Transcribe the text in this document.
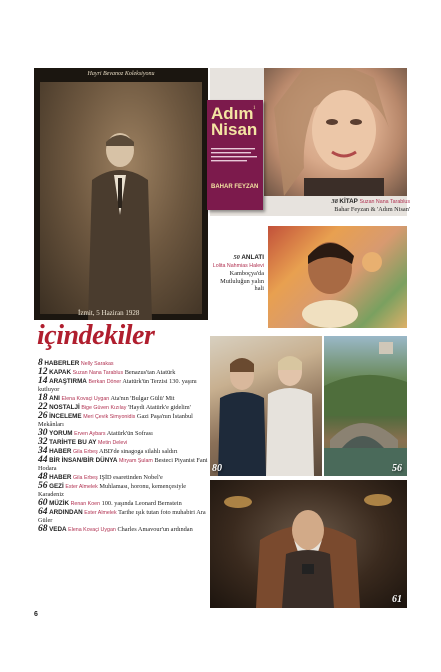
Hayri Bevanoz Koleksiyonu
İzmit, 5 Haziran 1928
Adım Nisan
1
BAHAR FEYZAN
38 KİTAP Suzan Nana Tarablus
Bahar Feyzan & 'Adım Nisan'
50 ANLATI
Lolita Nahmias Halevi
Kamboçya'da Mutluluğun yalın hali
içindekiler
80	56
61

8 HABERLER Nelly Sarakas

12 KAPAK Suzan Nana Tarablus Benazus'tan Atatürk

14 ARAŞTIRMA Berkan Döner Atatürk'ün Terzisi 130. yaşını kutluyor

18 ANI Elena Kovaçi Uygan Ata'nın 'Bulgar Gülü' Mit

22 NOSTALJİ Bige Güven Kızılay 'Haydi Atatürk'e gidelim'

26 İNCELEME Meri Çevik Simyonidis Gazi Paşa'nın İstanbul Mekânları

30 YORUM Erven Aybars Atatürk'ün Sofrası

32 TARİHTE BU AY Metin Delevi

34 HABER Gila Erbeş ABD'de sinagoga silahlı saldırı

44 BİR İNSAN/BİR DÜNYA Miryam Şulam Besteci Piyanist Fani Hodara

48 HABER Gila Erbeş IŞİD esaretinden Nobel'e

56 GEZİ Ester Almelek Muhlaması, horonu, kemençesiyle Karadeniz

60 MÜZİK Renan Koen 100. yaşında Leonard Bernstein

64 ARDINDAN Ester Almelek Tarihe ışık tutan foto muhabiri Ara Güler

68 VEDA Elena Kovaçi Uygan Charles Amavour'un ardından

6
